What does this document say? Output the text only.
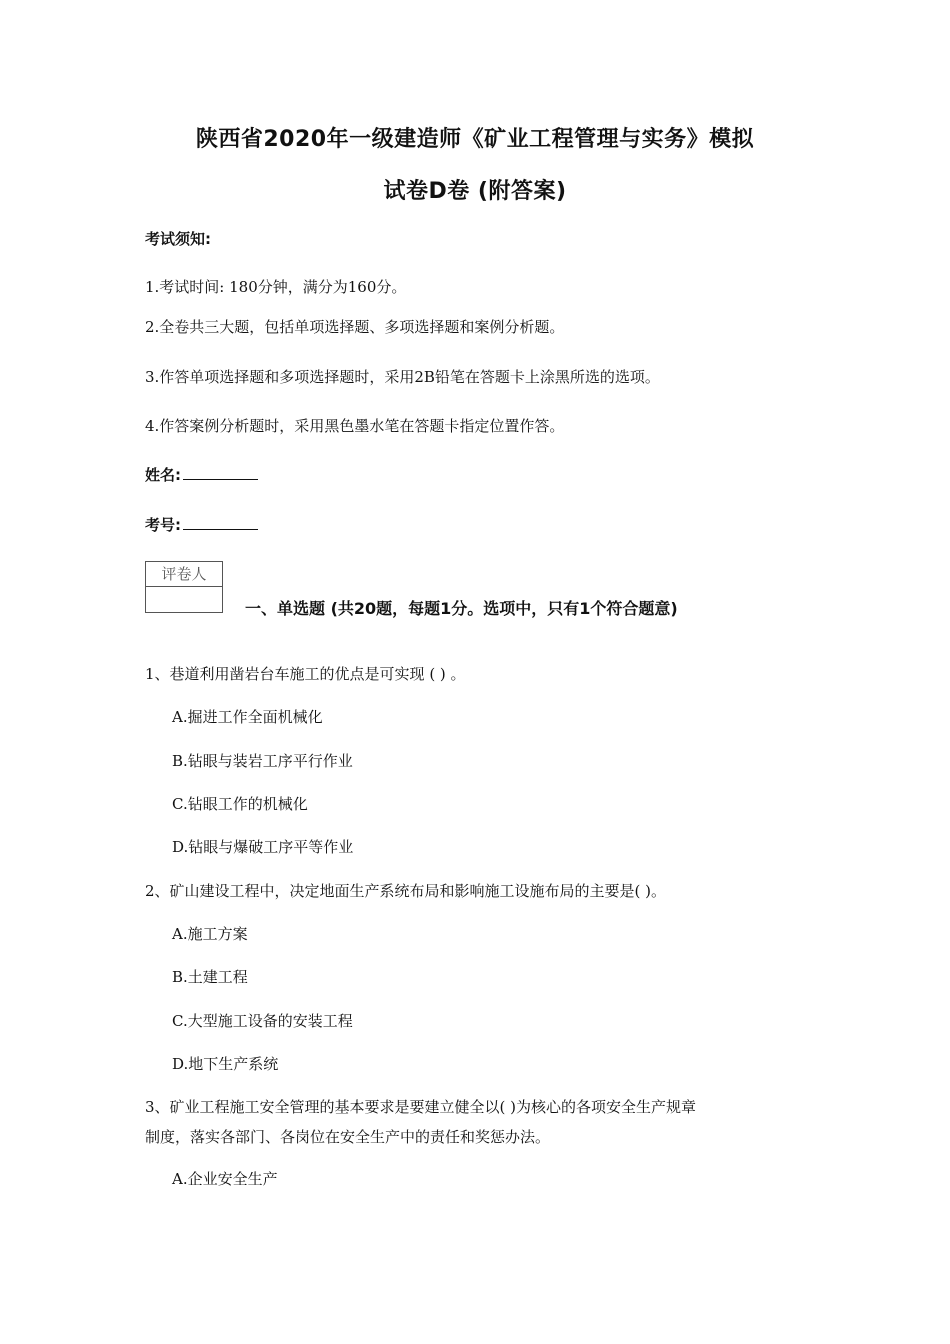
陕西省2020年一级建造师《矿业工程管理与实务》模拟
试卷D卷 (附答案)
考试须知:
1.考试时间: 180分钟，满分为160分。
2.全卷共三大题，包括单项选择题、多项选择题和案例分析题。
3.作答单项选择题和多项选择题时，采用2B铅笔在答题卡上涂黑所选的选项。
4.作答案例分析题时，采用黑色墨水笔在答题卡指定位置作答。
姓名:
考号:
评卷人
一、单选题 (共20题，每题1分。选项中，只有1个符合题意)
1、巷道利用凿岩台车施工的优点是可实现 ( ) 。
A.掘进工作全面机械化
B.钻眼与装岩工序平行作业
C.钻眼工作的机械化
D.钻眼与爆破工序平等作业
2、矿山建设工程中，决定地面生产系统布局和影响施工设施布局的主要是( )。
A.施工方案
B.土建工程
C.大型施工设备的安装工程
D.地下生产系统
3、矿业工程施工安全管理的基本要求是要建立健全以( )为核心的各项安全生产规章
制度，落实各部门、各岗位在安全生产中的责任和奖惩办法。
A.企业安全生产
